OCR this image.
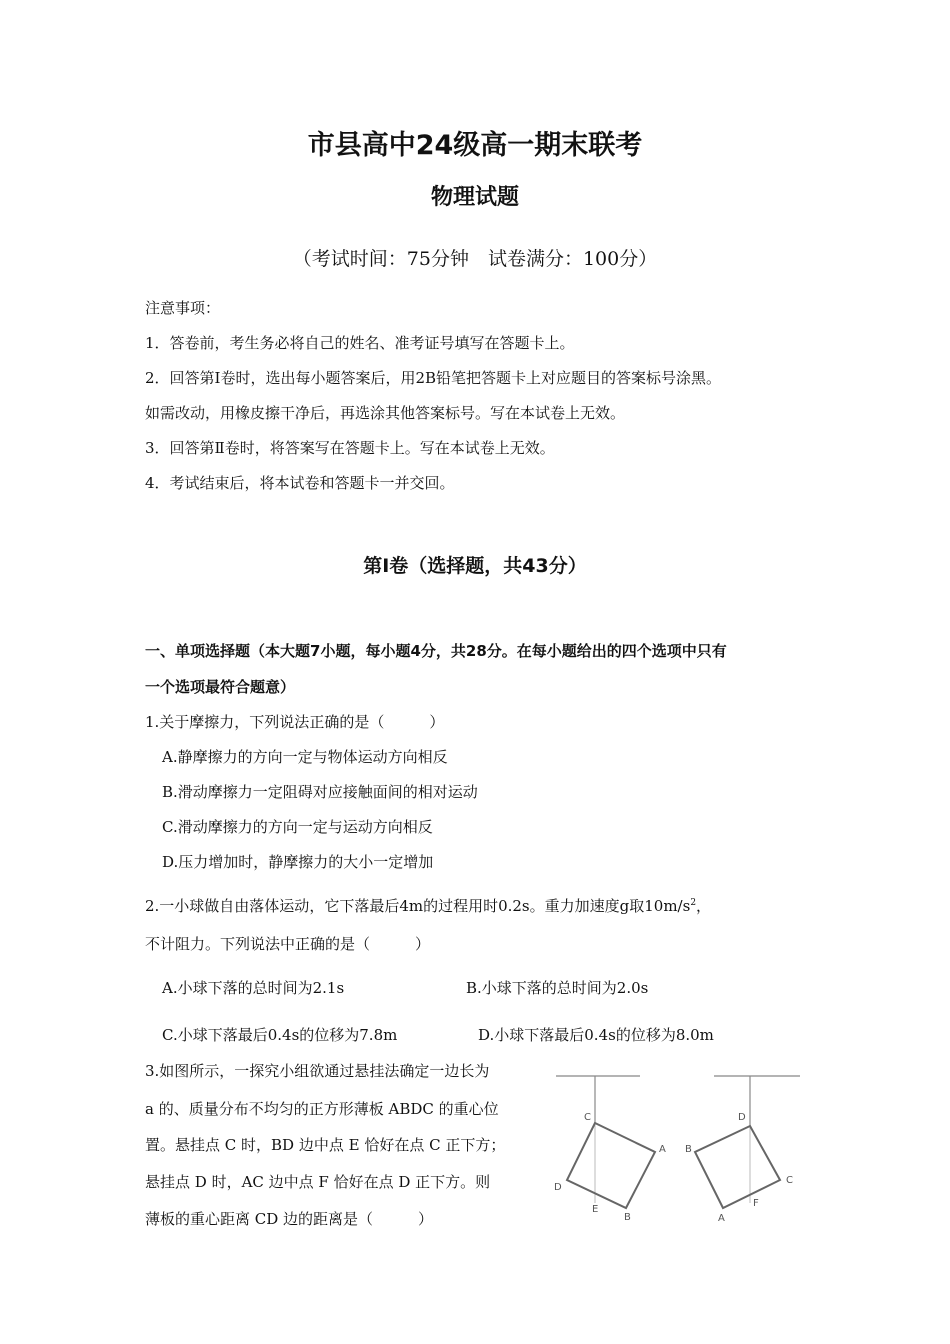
市县高中24级高一期末联考
物理试题
（考试时间：75分钟　试卷满分：100分）
注意事项：
1．答卷前，考生务必将自己的姓名、准考证号填写在答题卡上。
2．回答第Ⅰ卷时，选出每小题答案后，用2B铅笔把答题卡上对应题目的答案标号涂黑。
如需改动，用橡皮擦干净后，再选涂其他答案标号。写在本试卷上无效。
3．回答第Ⅱ卷时，将答案写在答题卡上。写在本试卷上无效。
4．考试结束后，将本试卷和答题卡一并交回。
第Ⅰ卷（选择题，共43分）
一、单项选择题（本大题7小题，每小题4分，共28分。在每小题给出的四个选项中只有
一个选项最符合题意）
1.关于摩擦力，下列说法正确的是（　　　）
A.静摩擦力的方向一定与物体运动方向相反
B.滑动摩擦力一定阻碍对应接触面间的相对运动
C.滑动摩擦力的方向一定与运动方向相反
D.压力增加时，静摩擦力的大小一定增加
2.一小球做自由落体运动，它下落最后4m的过程用时0.2s。重力加速度g取$10m/s^2$，
不计阻力。下列说法中正确的是（　　　）
A.小球下落的总时间为2.1s	B.小球下落的总时间为2.0s
C.小球下落最后0.4s的位移为7.8m	D.小球下落最后0.4s的位移为8.0m
3.如图所示，一探究小组欲通过悬挂法确定一边长为
a 的、质量分布不均匀的正方形薄板 ABDC 的重心位
置。悬挂点 C 时，BD 边中点 E 恰好在点 C 正下方；
悬挂点 D 时，AC 边中点 F 恰好在点 D 正下方。则
薄板的重心距离 CD 边的距离是（　　　）
C
A
D
E
B
D
B
C
F
A
